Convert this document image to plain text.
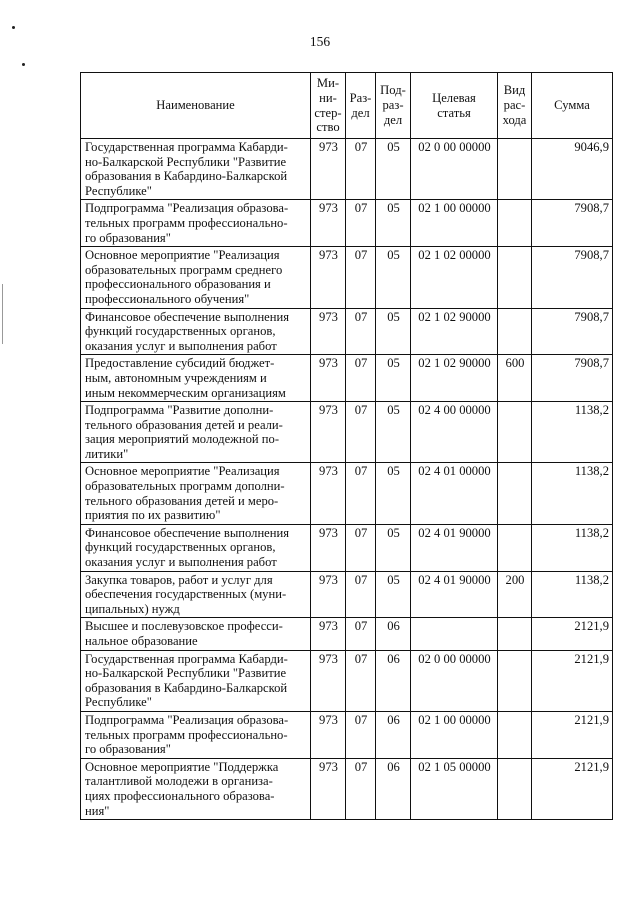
156
Наименование	Ми-
ни-
стер-
ство	Раз-
дел	Под-
раз-
дел	Целевая
статья	Вид
рас-
хода	Сумма
Государственная программа Кабарди-
но-Балкарской Республики "Развитие
образования в Кабардино-Балкарской
Республике"	973	07	05	02 0 00 00000		9046,9
Подпрограмма "Реализация образова-
тельных программ профессионально-
го образования"	973	07	05	02 1 00 00000		7908,7
Основное мероприятие "Реализация
образовательных программ среднего
профессионального образования и
профессионального обучения"	973	07	05	02 1 02 00000		7908,7
Финансовое обеспечение выполнения
функций государственных органов,
оказания услуг и выполнения работ	973	07	05	02 1 02 90000		7908,7
Предоставление субсидий бюджет-
ным, автономным учреждениям и
иным некоммерческим организациям	973	07	05	02 1 02 90000	600	7908,7
Подпрограмма "Развитие дополни-
тельного образования детей и реали-
зация мероприятий молодежной по-
литики"	973	07	05	02 4 00 00000		1138,2
Основное мероприятие "Реализация
образовательных программ дополни-
тельного образования детей и меро-
приятия по их развитию"	973	07	05	02 4 01 00000		1138,2
Финансовое обеспечение выполнения
функций государственных органов,
оказания услуг и выполнения работ	973	07	05	02 4 01 90000		1138,2
Закупка товаров, работ и услуг для
обеспечения государственных (муни-
ципальных) нужд	973	07	05	02 4 01 90000	200	1138,2
Высшее и послевузовское професси-
нальное образование	973	07	06			2121,9
Государственная программа Кабарди-
но-Балкарской Республики "Развитие
образования в Кабардино-Балкарской
Республике"	973	07	06	02 0 00 00000		2121,9
Подпрограмма "Реализация образова-
тельных программ профессионально-
го образования"	973	07	06	02 1 00 00000		2121,9
Основное мероприятие "Поддержка
талантливой молодежи в организа-
циях профессионального образова-
ния"	973	07	06	02 1 05 00000		2121,9
